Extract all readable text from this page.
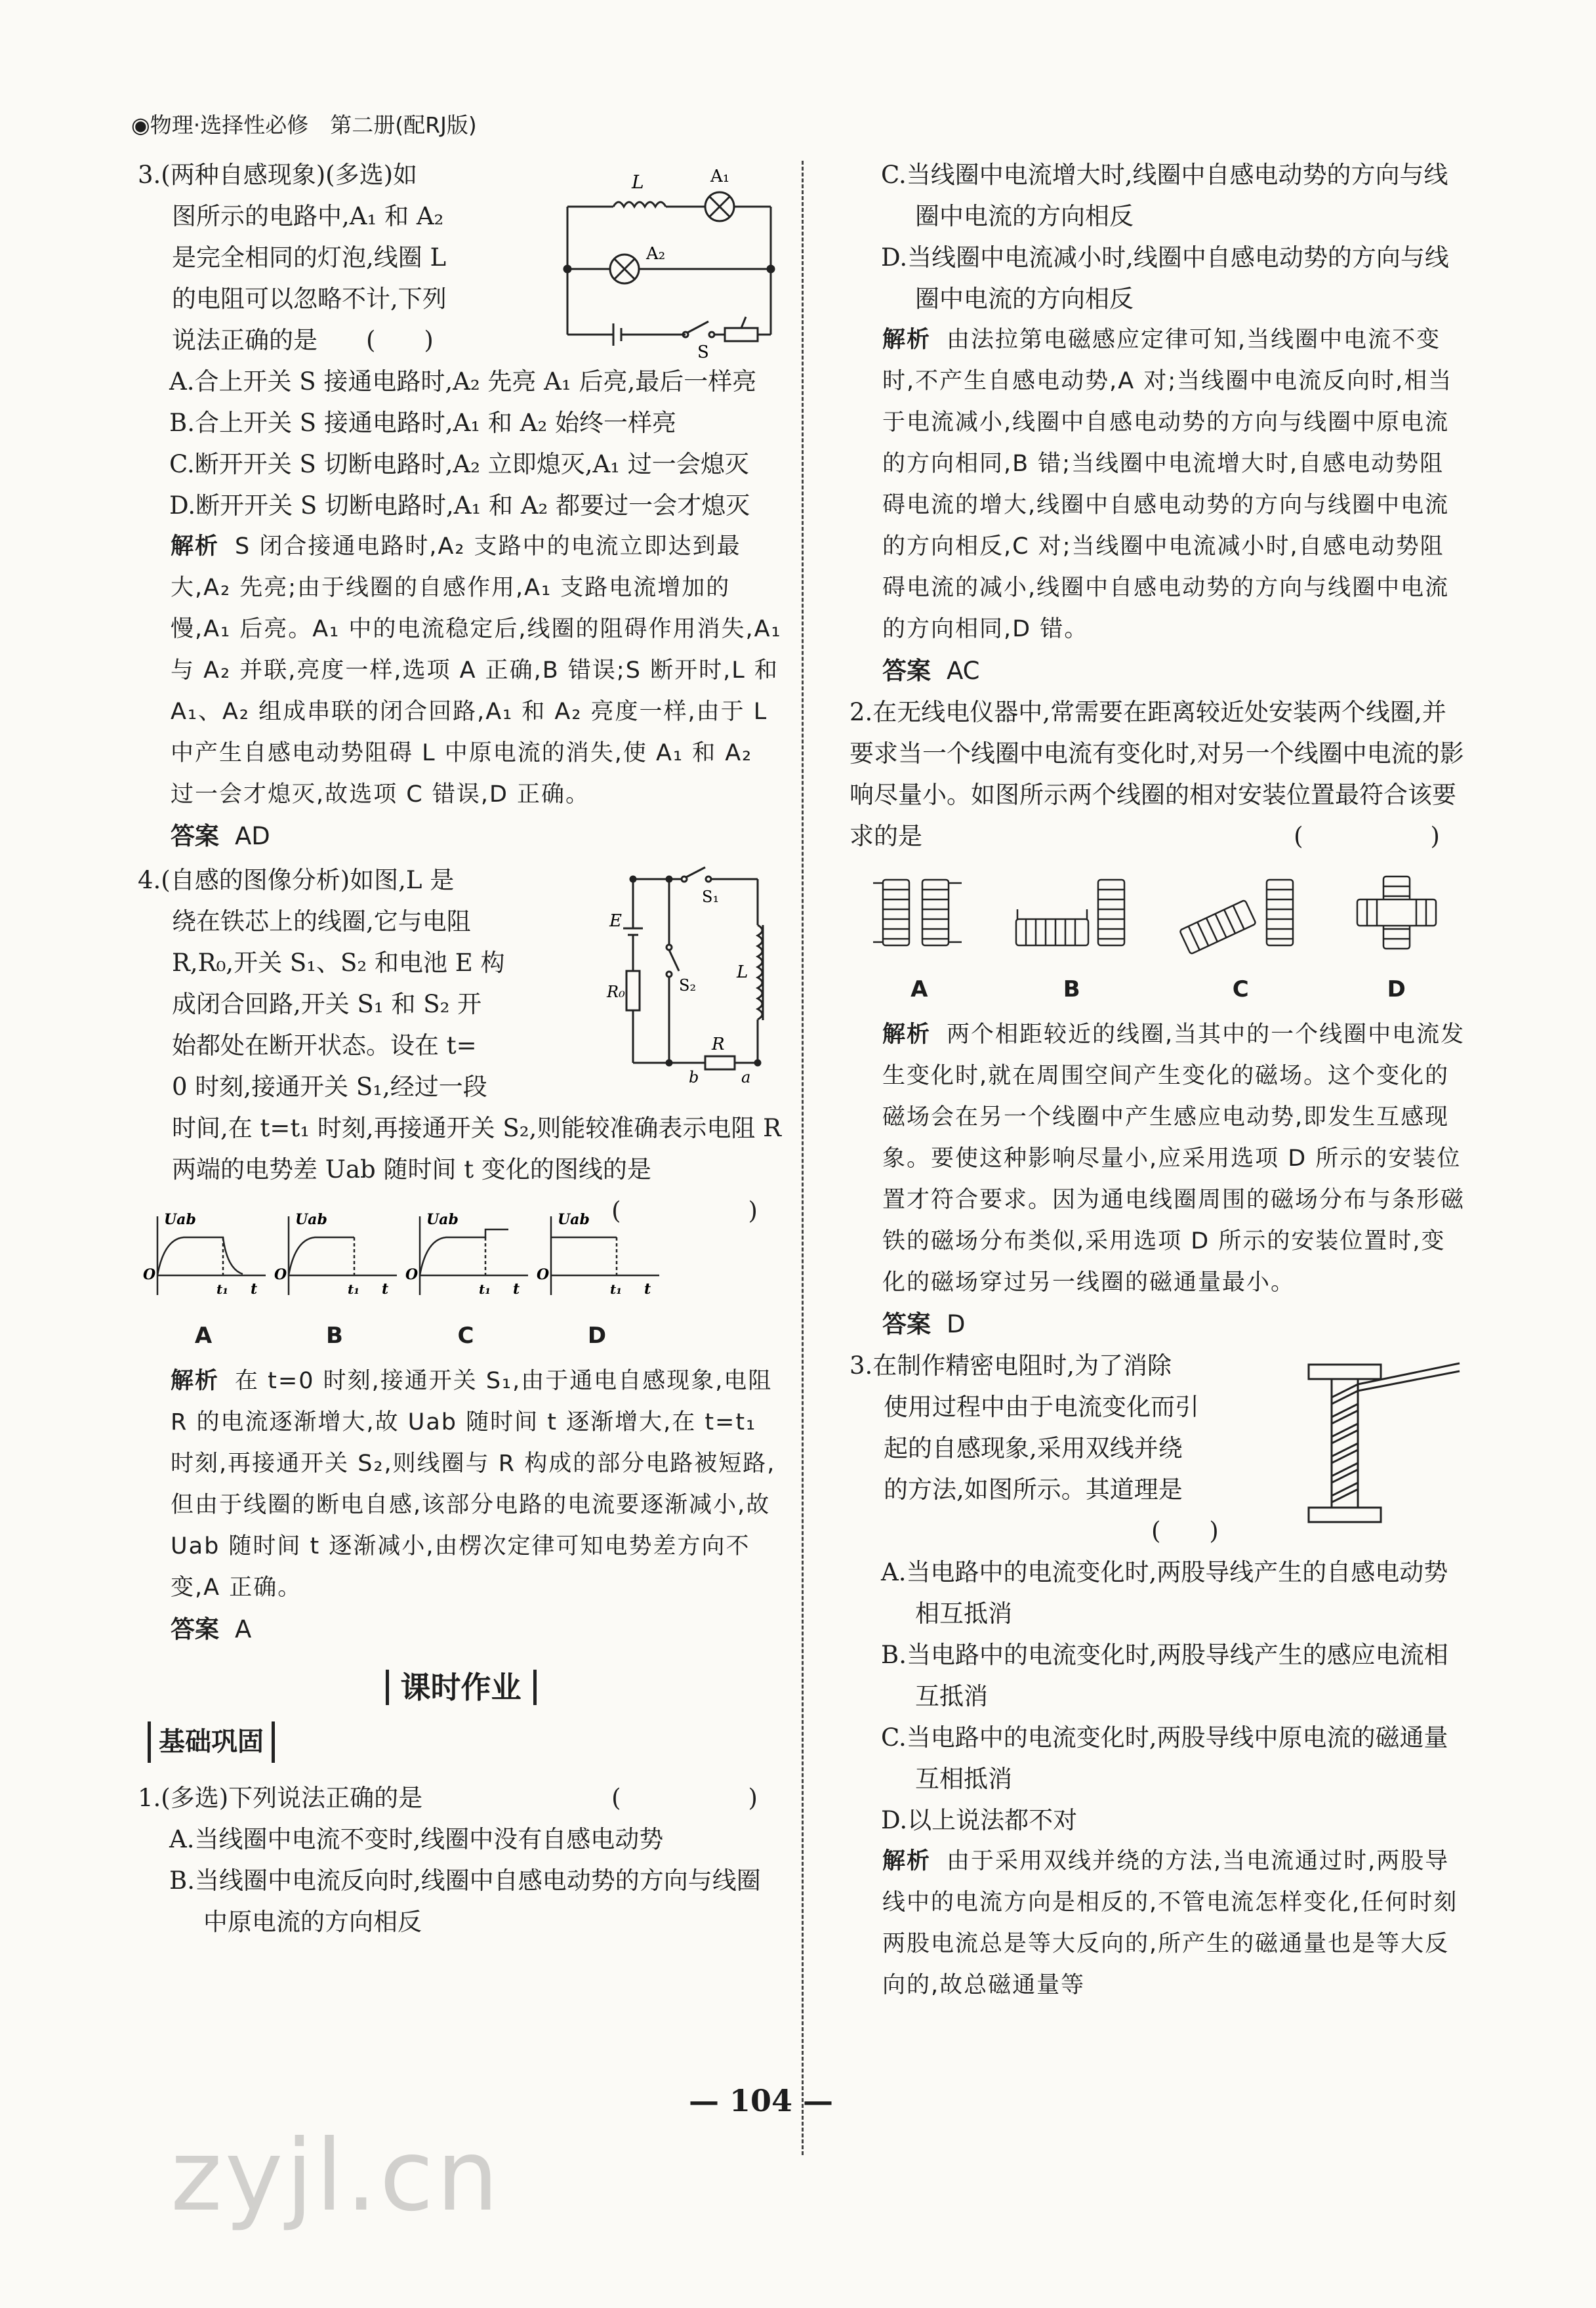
◉物理·选择性必修　第二册(配RJ版)
L	A₁
A₂
S

3.(两种自感现象)(多选)如

图所示的电路中,A₁ 和 A₂

是完全相同的灯泡,线圈 L

的电阻可以忽略不计,下列

说法正确的是　　(　　)

A.合上开关 S 接通电路时,A₂ 先亮 A₁ 后亮,最后一样亮

B.合上开关 S 接通电路时,A₁ 和 A₂ 始终一样亮

C.断开开关 S 切断电路时,A₂ 立即熄灭,A₁ 过一会熄灭

D.断开开关 S 切断电路时,A₁ 和 A₂ 都要过一会才熄灭

解析 S 闭合接通电路时,A₂ 支路中的电流立即达到最大,A₂ 先亮;由于线圈的自感作用,A₁ 支路电流增加的慢,A₁ 后亮。A₁ 中的电流稳定后,线圈的阻碍作用消失,A₁ 与 A₂ 并联,亮度一样,选项 A 正确,B 错误;S 断开时,L 和 A₁、A₂ 组成串联的闭合回路,A₁ 和 A₂ 亮度一样,由于 L 中产生自感电动势阻碍 L 中原电流的消失,使 A₁ 和 A₂ 过一会才熄灭,故选项 C 错误,D 正确。

答案 AD

E
R₀
S₁
S₂
L
R
b	a

4.(自感的图像分析)如图,L 是

绕在铁芯上的线圈,它与电阻

R,R₀,开关 S₁、S₂ 和电池 E 构

成闭合回路,开关 S₁ 和 S₂ 开

始都处在断开状态。设在 t=

0 时刻,接通开关 S₁,经过一段

时间,在 t=t₁ 时刻,再接通开关 S₂,则能较准确表示电阻 R 两端的电势差 Uab 随时间 t 变化的图线的是
(　　)

Uab
O
t₁ t
A
Uab
O
t₁ t
B
Uab
O
t₁ t
C
Uab
O
t₁ t
D

解析 在 t=0 时刻,接通开关 S₁,由于通电自感现象,电阻 R 的电流逐渐增大,故 Uab 随时间 t 逐渐增大,在 t=t₁ 时刻,再接通开关 S₂,则线圈与 R 构成的部分电路被短路,但由于线圈的断电自感,该部分电路的电流要逐渐减小,故 Uab 随时间 t 逐渐减小,由楞次定律可知电势差方向不变,A 正确。

答案 A

课时作业
基础巩固

1.(多选)下列说法正确的是	(　　)

A.当线圈中电流不变时,线圈中没有自感电动势

B.当线圈中电流反向时,线圈中自感电动势的方向与线圈中原电流的方向相反

C.当线圈中电流增大时,线圈中自感电动势的方向与线圈中电流的方向相反

D.当线圈中电流减小时,线圈中自感电动势的方向与线圈中电流的方向相反

解析 由法拉第电磁感应定律可知,当线圈中电流不变时,不产生自感电动势,A 对;当线圈中电流反向时,相当于电流减小,线圈中自感电动势的方向与线圈中原电流的方向相同,B 错;当线圈中电流增大时,自感电动势阻碍电流的增大,线圈中自感电动势的方向与线圈中电流的方向相反,C 对;当线圈中电流减小时,自感电动势阻碍电流的减小,线圈中自感电动势的方向与线圈中电流的方向相同,D 错。

答案 AC

2.在无线电仪器中,常需要在距离较近处安装两个线圈,并要求当一个线圈中电流有变化时,对另一个线圈中电流的影响尽量小。如图所示两个线圈的相对安装位置最符合该要求的是	(　　)

A	B	C	D

解析 两个相距较近的线圈,当其中的一个线圈中电流发生变化时,就在周围空间产生变化的磁场。这个变化的磁场会在另一个线圈中产生感应电动势,即发生互感现象。要使这种影响尽量小,应采用选项 D 所示的安装位置才符合要求。因为通电线圈周围的磁场分布与条形磁铁的磁场分布类似,采用选项 D 所示的安装位置时,变化的磁场穿过另一线圈的磁通量最小。

答案 D

3.在制作精密电阻时,为了消除

使用过程中由于电流变化而引

起的自感现象,采用双线并绕

的方法,如图所示。其道理是

(　　)

A.当电路中的电流变化时,两股导线产生的自感电动势相互抵消

B.当电路中的电流变化时,两股导线产生的感应电流相互抵消

C.当电路中的电流变化时,两股导线中原电流的磁通量互相抵消

D.以上说法都不对

解析 由于采用双线并绕的方法,当电流通过时,两股导线中的电流方向是相反的,不管电流怎样变化,任何时刻两股电流总是等大反向的,所产生的磁通量也是等大反向的,故总磁通量等

— 104 —
zyjl.cn
